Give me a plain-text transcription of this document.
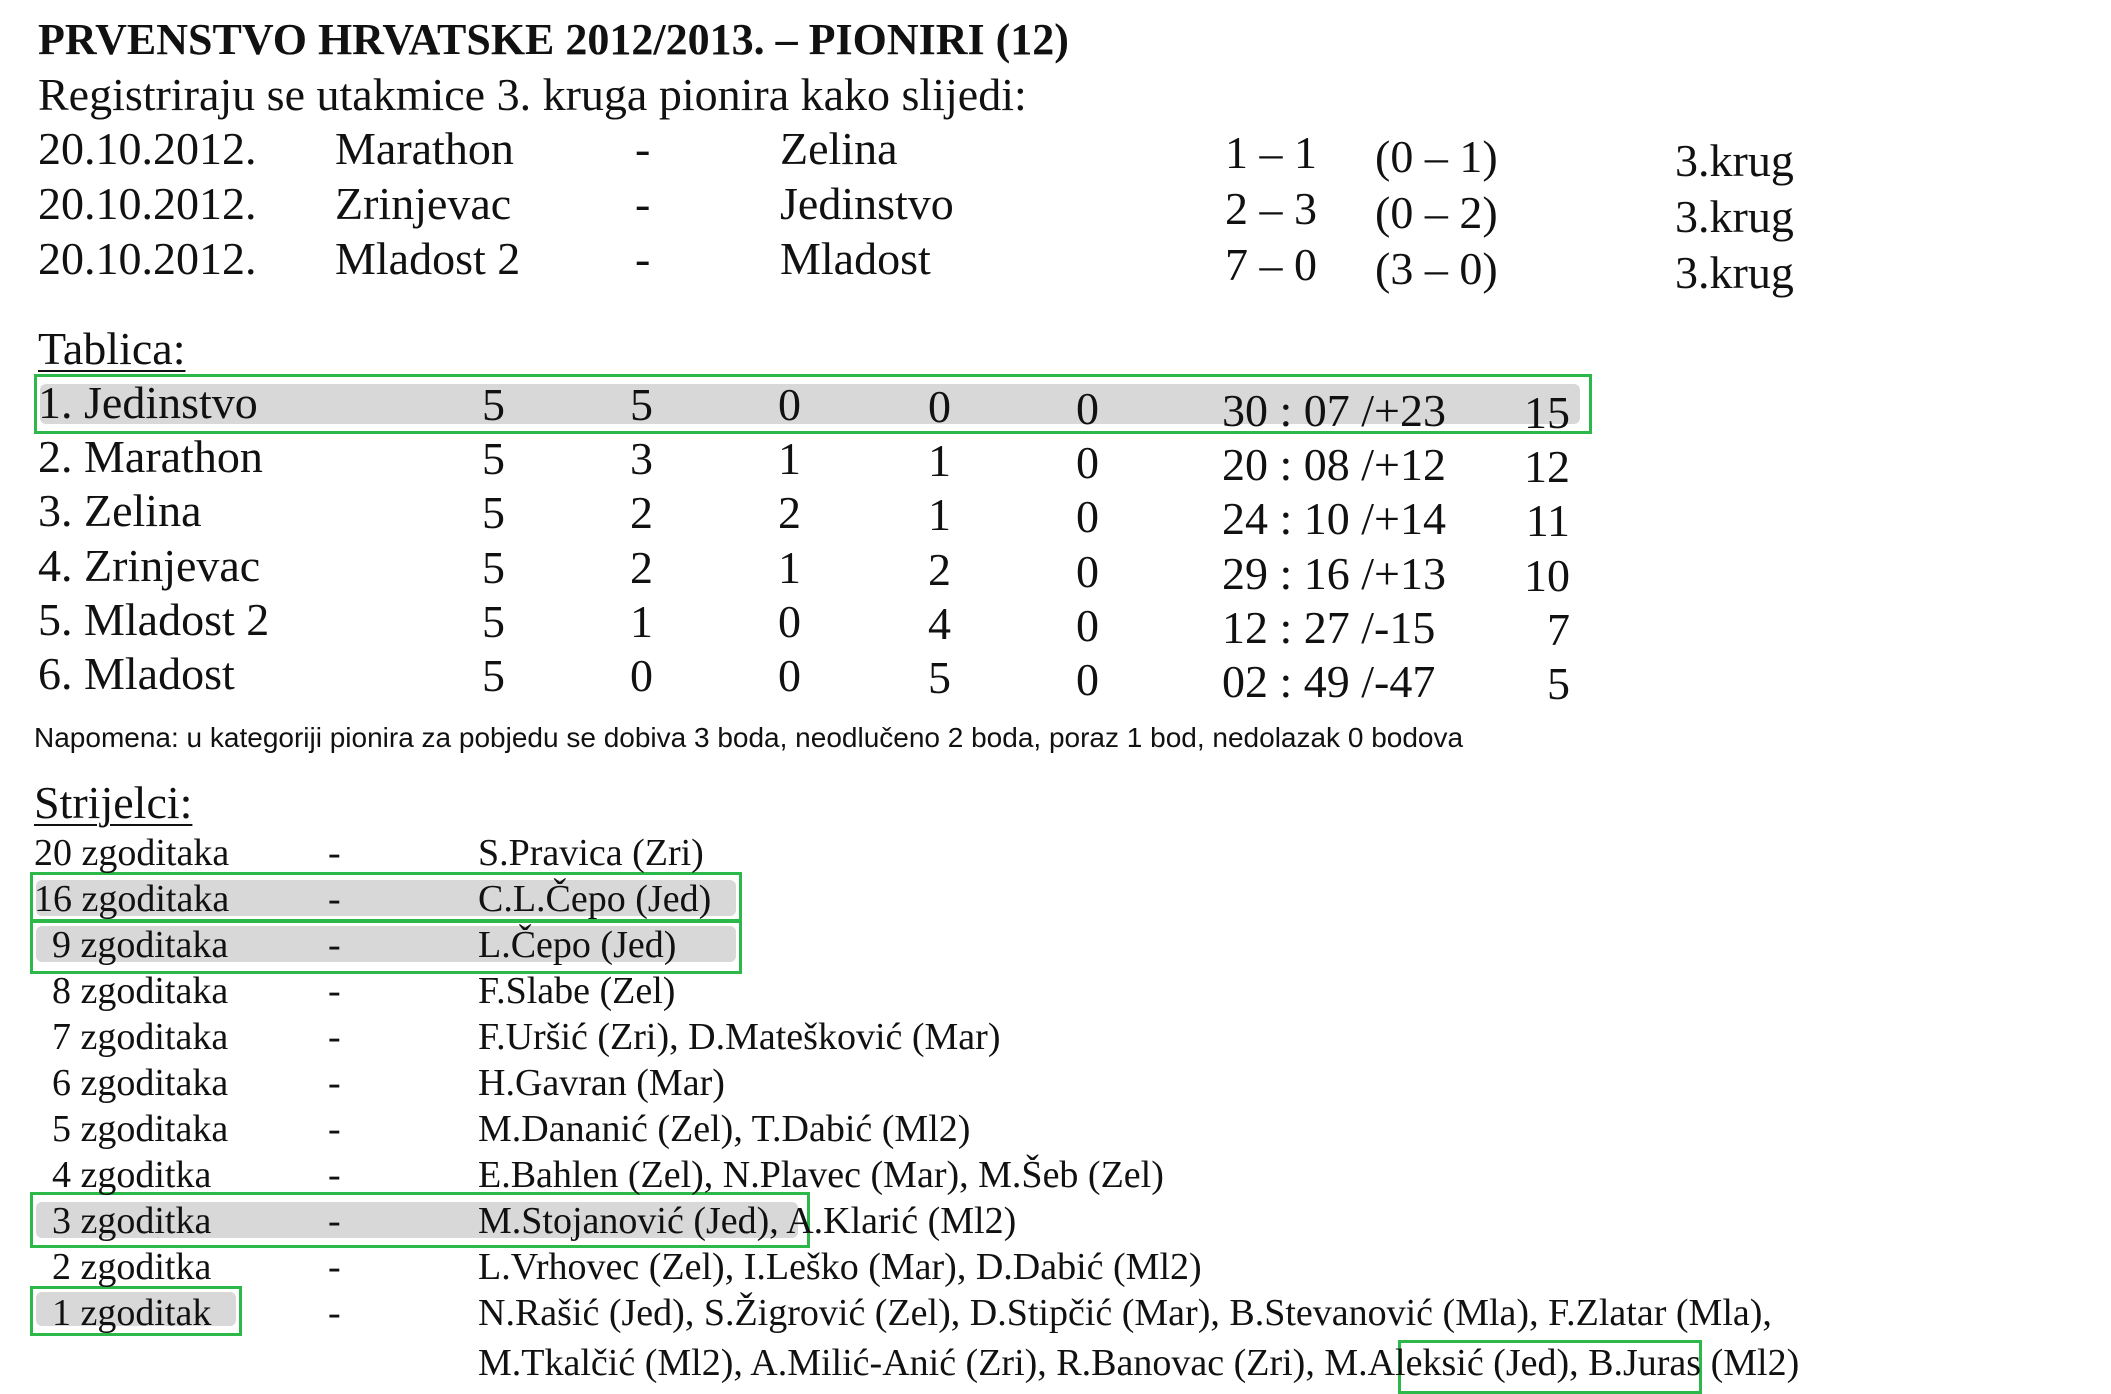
PRVENSTVO HRVATSKE 2012/2013. – PIONIRI (12)
Registriraju se utakmice 3. kruga pionira kako slijedi:
20.10.2012. Marathon	-	Zelina	1 – 1 (0 – 1)	3.krug
20.10.2012. Zrinjevac	-	Jedinstvo	2 – 3 (0 – 2)	3.krug
20.10.2012. Mladost 2 -	Mladost	7 – 0 (3 – 0)	3.krug
Tablica:
1. Jedinstvo	5	5	0	0	0	30 : 07 /+23	15
2. Marathon	5	3	1	1	0	20 : 08 /+12	12
3. Zelina	5	2	2	1	0	24 : 10 /+14	11
4. Zrinjevac	5	2	1	2	0	29 : 16 /+13	10
5. Mladost 2	5	1	0	4	0	12 : 27 /-15	7
6. Mladost	5	0	0	5	0	02 : 49 /-47	5
Napomena: u kategoriji pionira za pobjedu se dobiva 3 boda, neodlučeno 2 boda, poraz 1 bod, nedolazak 0 bodova
Strijelci:
20 zgoditaka	-	S.Pravica (Zri)
16 zgoditaka	-	C.L.Čepo (Jed)
9 zgoditaka	-	L.Čepo (Jed)
8 zgoditaka	-	F.Slabe (Zel)
7 zgoditaka	-	F.Uršić (Zri), D.Matešković (Mar)
6 zgoditaka	-	H.Gavran (Mar)
5 zgoditaka	-	M.Dananić (Zel), T.Dabić (Ml2)
4 zgoditka	-	E.Bahlen (Zel), N.Plavec (Mar), M.Šeb (Zel)
3 zgoditka	-	M.Stojanović (Jed), A.Klarić (Ml2)
2 zgoditka	-	L.Vrhovec (Zel), I.Leško (Mar), D.Dabić (Ml2)
1 zgoditak	-	N.Rašić (Jed), S.Žigrović (Zel), D.Stipčić (Mar), B.Stevanović (Mla), F.Zlatar (Mla),
M.Tkalčić (Ml2), A.Milić-Anić (Zri), R.Banovac (Zri), M.Aleksić (Jed), B.Juras (Ml2)
